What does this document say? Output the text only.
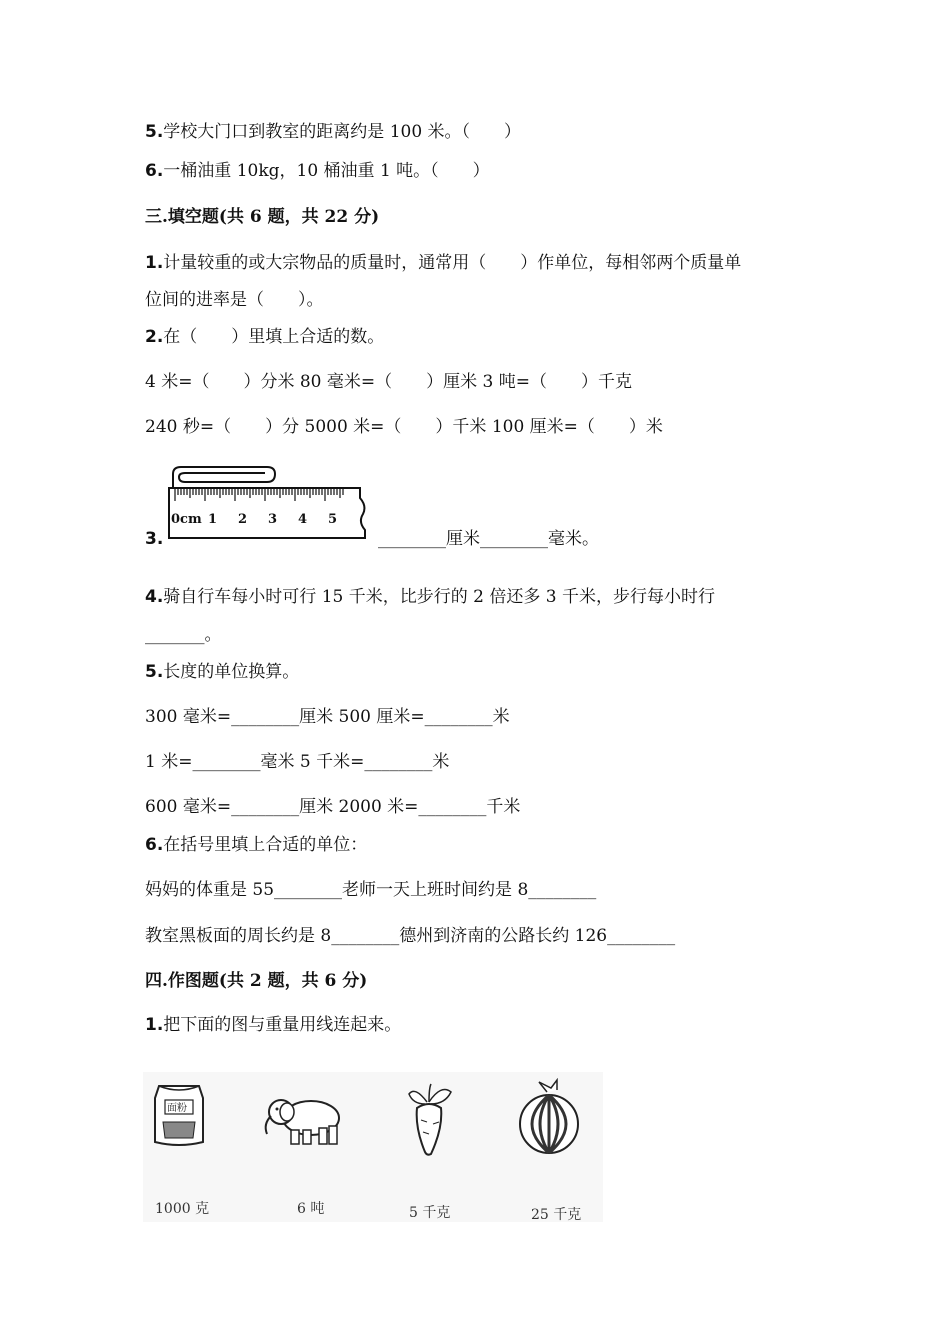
5.学校大门口到教室的距离约是 100 米。（　　）
6.一桶油重 10kg，10 桶油重 1 吨。（　　）
三.填空题(共 6 题，共 22 分)
1.计量较重的或大宗物品的质量时，通常用（　　）作单位，每相邻两个质量单
位间的进率是（　　）。
2.在（　　）里填上合适的数。
4 米=（　　）分米 80 毫米=（　　）厘米 3 吨=（　　）千克
240 秒=（　　）分 5000 米=（　　）千米 100 厘米=（　　）米
0cm 1 2 3 4 5
3.	________厘米________毫米。
4.骑自行车每小时可行 15 千米，比步行的 2 倍还多 3 千米，步行每小时行
_______。
5.长度的单位换算。
300 毫米=________厘米 500 厘米=________米
1 米=________毫米 5 千米=________米
600 毫米=________厘米 2000 米=________千米
6.在括号里填上合适的单位：
妈妈的体重是 55________老师一天上班时间约是 8________
教室黑板面的周长约是 8________德州到济南的公路长约 126________
四.作图题(共 2 题，共 6 分)
1.把下面的图与重量用线连起来。
面粉
1000 克	6 吨	5 千克	25 千克
